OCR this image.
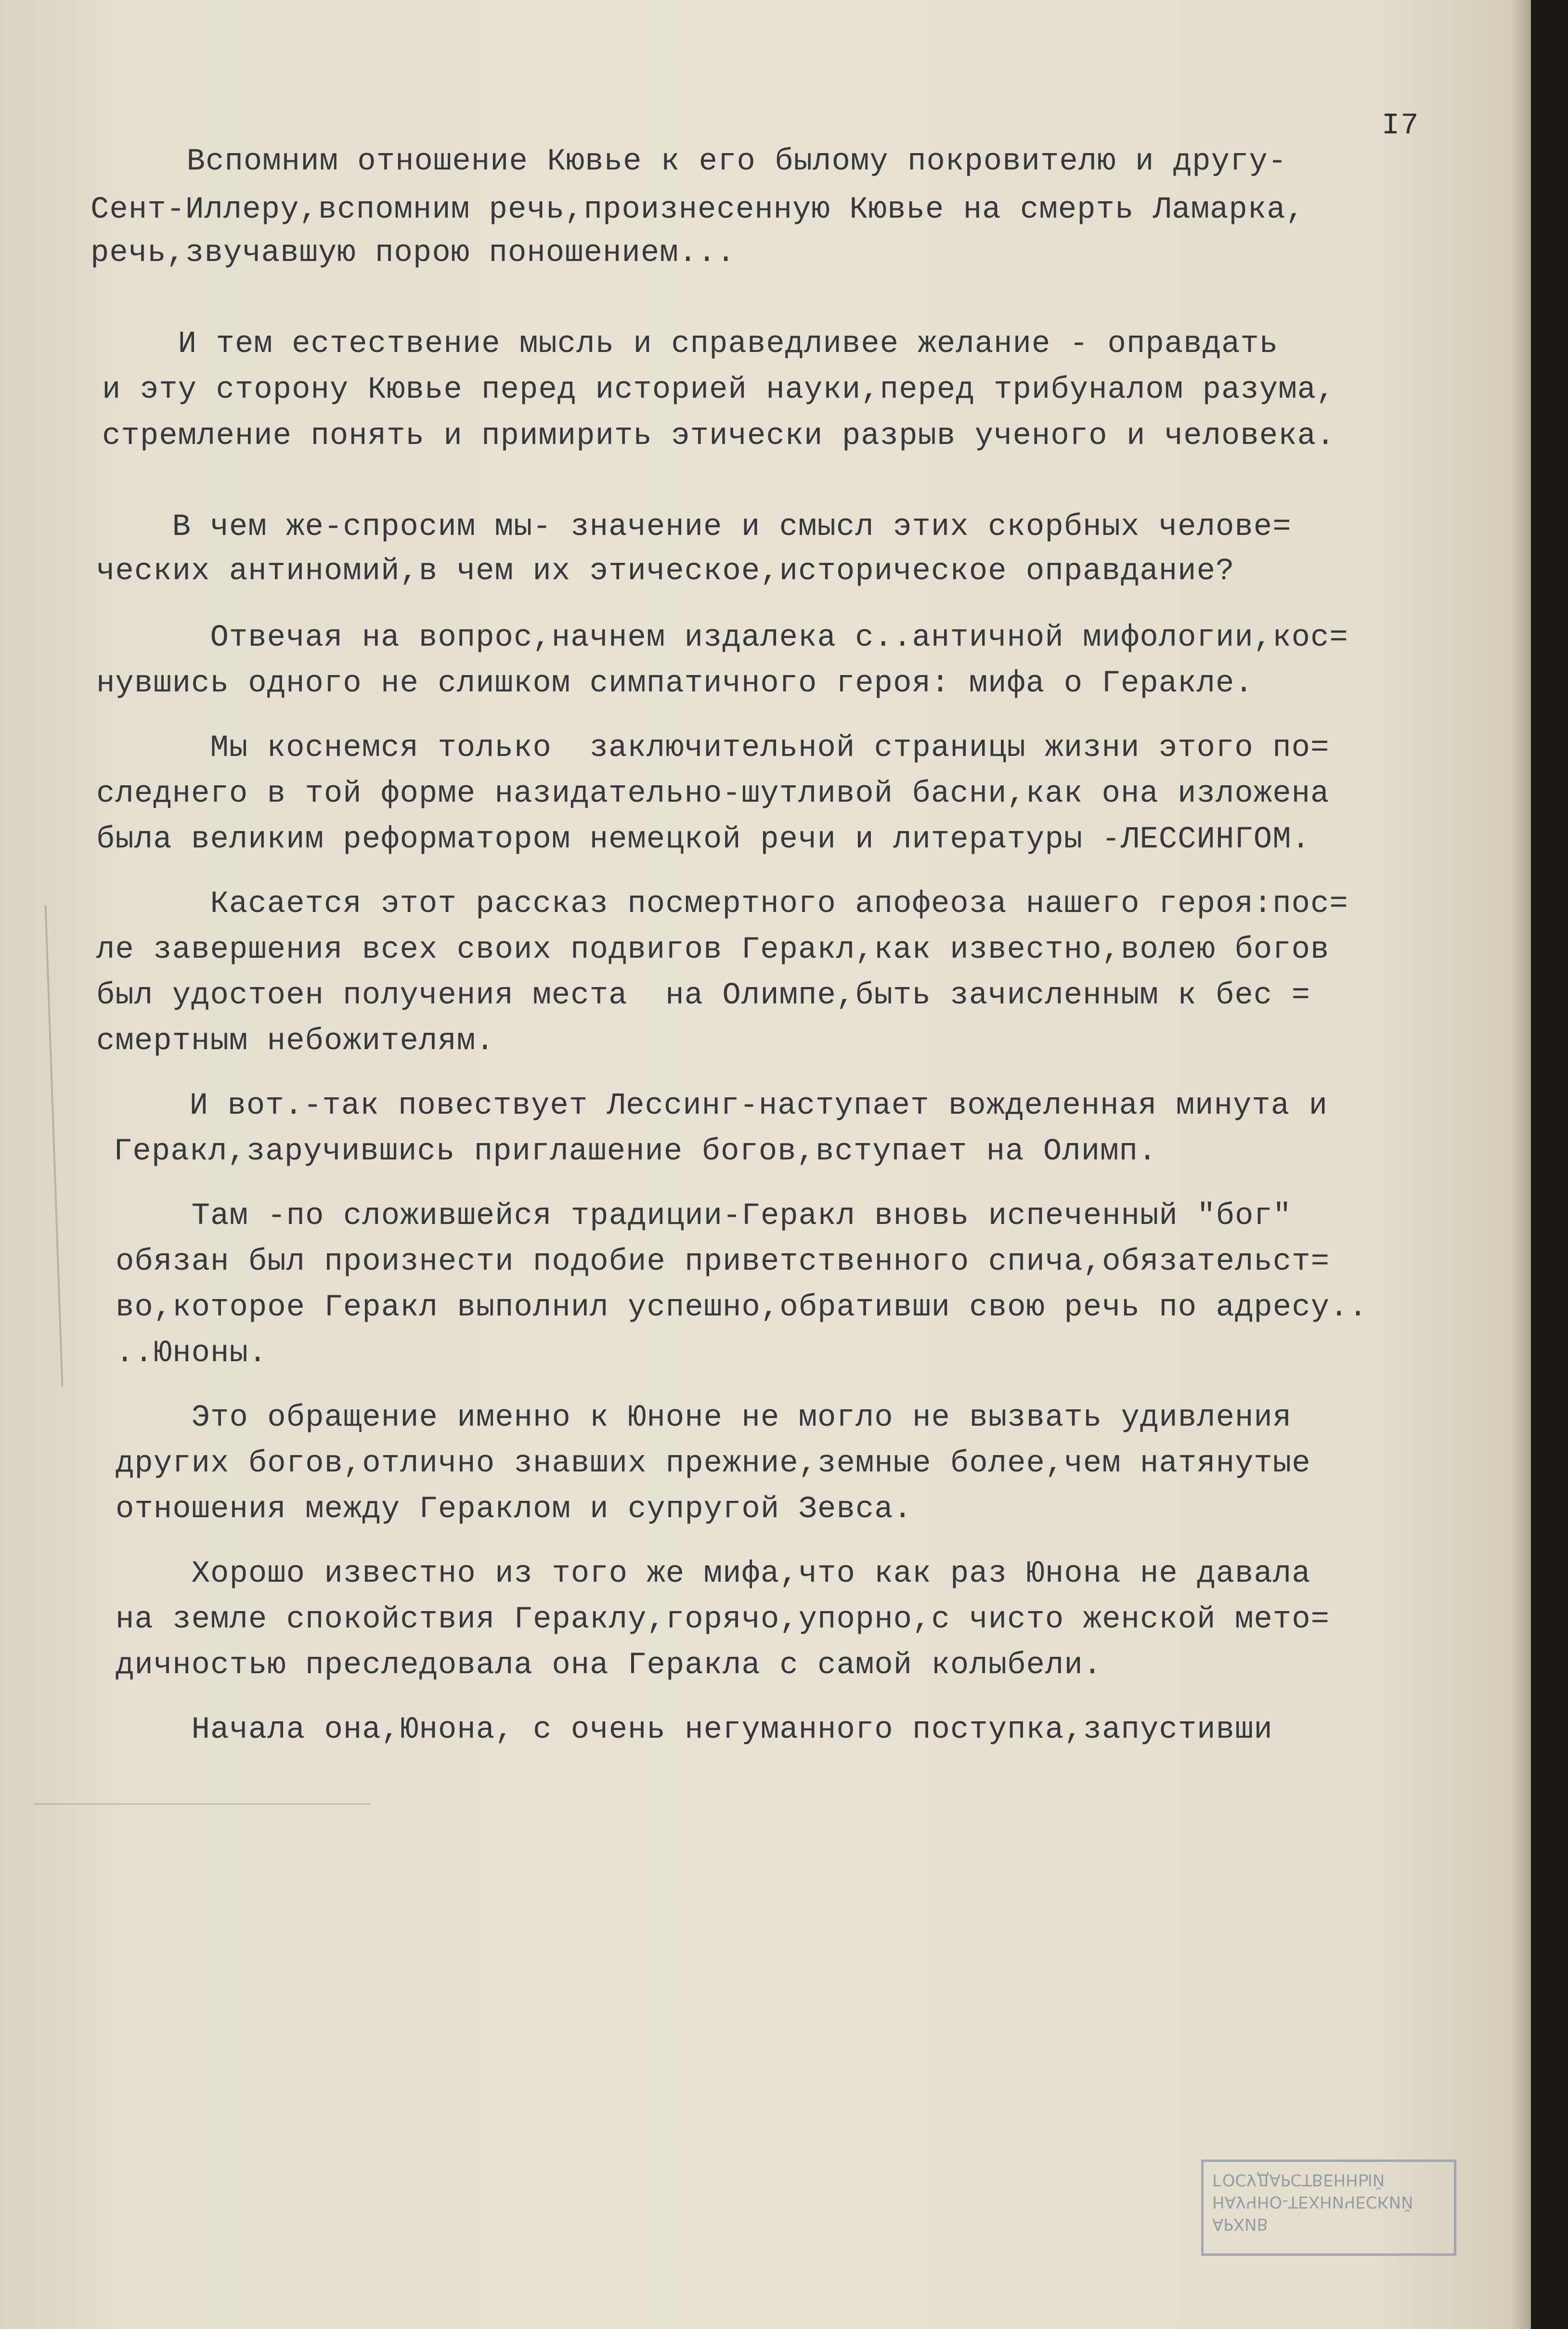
I7
Вспомним отношение Кювье к его былому покровителю и другу-
Сент-Иллеру,вспомним речь,произнесенную Кювье на смерть Ламарка,
речь,звучавшую порою поношением...
И тем естествение мысль и справедливее желание - оправдать
и эту сторону Кювье перед историей науки,перед трибуналом разума,
стремление понять и примирить этически разрыв ученого и человека.
В чем же-спросим мы- значение и смысл этих скорбных челове=
ческих антиномий,в чем их этическое,историческое оправдание?
Отвечая на вопрос,начнем издалека с..античной мифологии,кос=
нувшись одного не слишком симпатичного героя: мифа о Геракле.
Мы коснемся только  заключительной страницы жизни этого по=
следнего в той форме назидательно-шутливой басни,как она изложена
была великим реформатором немецкой речи и литературы -ЛЕССИНГОМ.
Касается этот рассказ посмертного апофеоза нашего героя:пос=
ле завершения всех своих подвигов Геракл,как известно,волею богов
был удостоен получения места  на Олимпе,быть зачисленным к бес =
смертным небожителям.
И вот.-так повествует Лессинг-наступает вожделенная минута и
Геракл,заручившись приглашение богов,вступает на Олимп.
Там -по сложившейся традиции-Геракл вновь испеченный "бог"
обязан был произнести подобие приветственного спича,обязательст=
во,которое Геракл выполнил успешно,обративши свою речь по адресу..
..Юноны.
Это обращение именно к Юноне не могло не вызвать удивления
других богов,отлично знавших прежние,земные более,чем натянутые
отношения между Гераклом и супругой Зевса.
Хорошо известно из того же мифа,что как раз Юнона не давала
на земле спокойствия Гераклу,горячо,упорно,с чисто женской мето=
дичностью преследовала она Геракла с самой колыбели.
Начала она,Юнона, с очень негуманного поступка,запустивши
ГОСУДАРСТВЕННЫЙ
НАУЧНО-ТЕХНИЧЕСКИЙ
АРХИВ
